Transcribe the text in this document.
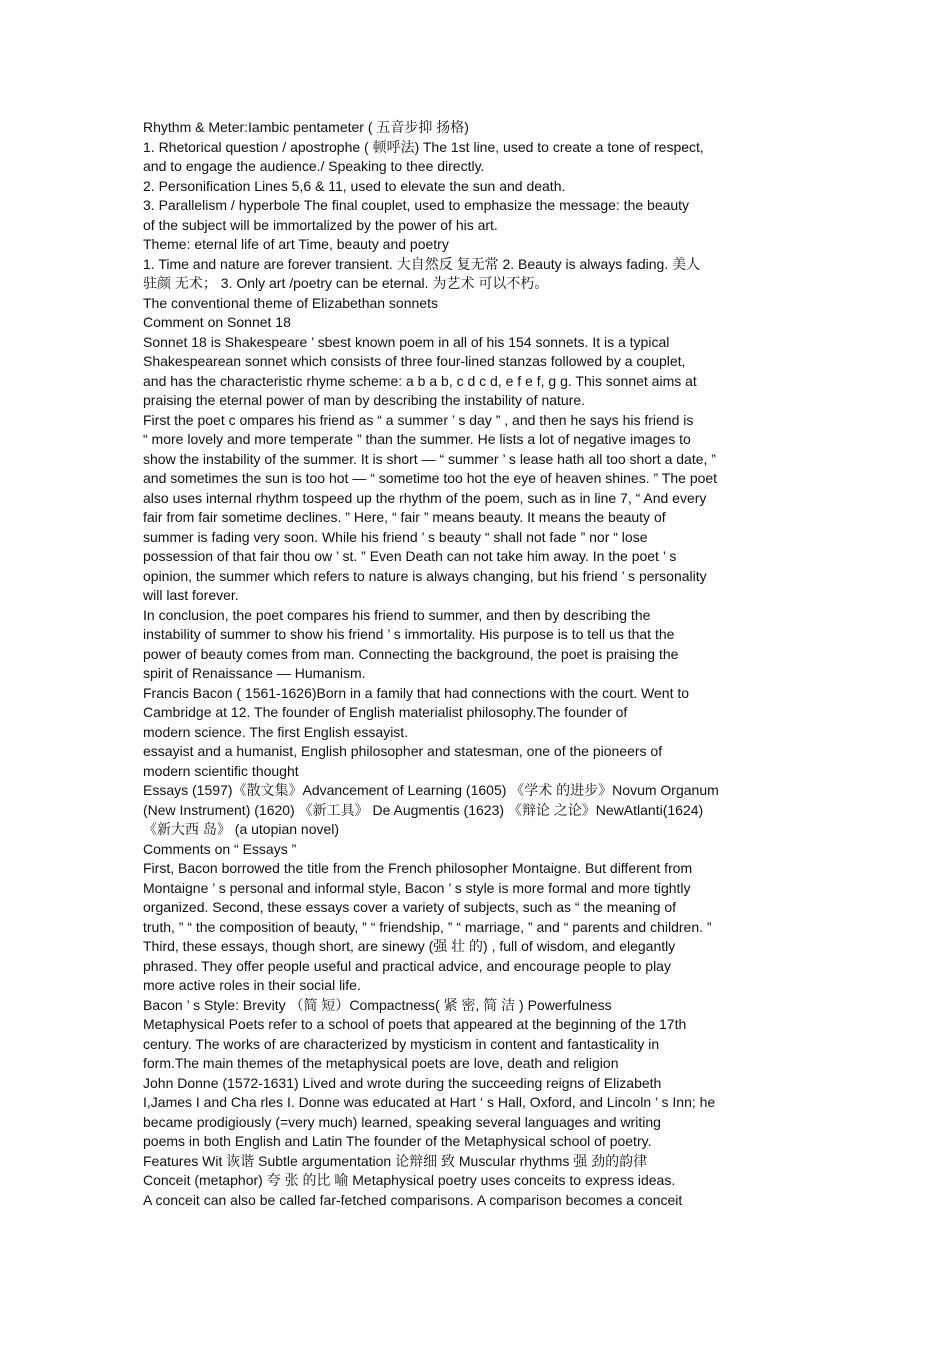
Rhythm & Meter:Iambic pentameter ( 五音步抑 扬格)
1. Rhetorical question / apostrophe ( 顿呼法) The 1st line, used to create a tone of respect,
and to engage the audience./ Speaking to thee directly.
2. Personification Lines 5,6 & 11, used to elevate the sun and death.
3. Parallelism / hyperbole The final couplet, used to emphasize the message: the beauty
of the subject will be immortalized by the power of his art.
Theme: eternal life of art Time, beauty and poetry
1. Time and nature are forever transient. 大自然反 复无常 2. Beauty is always fading. 美人
驻颜 无术； 3. Only art /poetry can be eternal. 为艺术 可以不朽。
The conventional theme of Elizabethan sonnets
Comment on Sonnet 18
Sonnet 18 is Shakespeare ’ sbest known poem in all of his 154 sonnets. It is a typical
Shakespearean sonnet which consists of three four-lined stanzas followed by a couplet,
and has the characteristic rhyme scheme: a b a b, c d c d, e f e f, g g. This sonnet aims at
praising the eternal power of man by describing the instability of nature.
First the poet c ompares his friend as “ a summer ’ s day ” , and then he says his friend is
“ more lovely and more temperate ” than the summer. He lists a lot of negative images to
show the instability of the summer. It is short — “ summer ’ s lease hath all too short a date, ”
and sometimes the sun is too hot — “ sometime too hot the eye of heaven shines. ” The poet
also uses internal rhythm tospeed up the rhythm of the poem, such as in line 7, “ And every
fair from fair sometime declines. ” Here, “ fair ” means beauty. It means the beauty of
summer is fading very soon. While his friend ’ s beauty “ shall not fade ” nor “ lose
possession of that fair thou ow ’ st. ” Even Death can not take him away. In the poet ’ s
opinion, the summer which refers to nature is always changing, but his friend ’ s personality
will last forever.
In conclusion, the poet compares his friend to summer, and then by describing the
instability of summer to show his friend ’ s immortality. His purpose is to tell us that the
power of beauty comes from man. Connecting the background, the poet is praising the
spirit of Renaissance — Humanism.
Francis Bacon ( 1561-1626)Born in a family that had connections with the court. Went to
Cambridge at 12. The founder of English materialist philosophy.The founder of
modern science. The first English essayist.
essayist and a humanist, English philosopher and statesman, one of the pioneers of
modern scientific thought
Essays (1597)《散文集》Advancement of Learning (1605) 《学术 的进步》Novum Organum
(New Instrument) (1620) 《新工具》 De Augmentis (1623) 《辩论 之论》NewAtlanti(1624)
《新大西 岛》 (a utopian novel)
Comments on “ Essays ”
First, Bacon borrowed the title from the French philosopher Montaigne. But different from
Montaigne ’ s personal and informal style, Bacon ’ s style is more formal and more tightly
organized. Second, these essays cover a variety of subjects, such as “ the meaning of
truth, ” “ the composition of beauty, ” “ friendship, ” “ marriage, ” and “ parents and children. ”
Third, these essays, though short, are sinewy (强 壮 的) , full of wisdom, and elegantly
phrased. They offer people useful and practical advice, and encourage people to play
more active roles in their social life.
Bacon ’ s Style: Brevity （简 短）Compactness( 紧 密, 简 洁 ) Powerfulness
Metaphysical Poets refer to a school of poets that appeared at the beginning of the 17th
century. The works of are characterized by mysticism in content and fantasticality in
form.The main themes of the metaphysical poets are love, death and religion
John Donne (1572-1631) Lived and wrote during the succeeding reigns of Elizabeth
I,James I and Cha rles I. Donne was educated at Hart ‘ s Hall, Oxford, and Lincoln ’ s Inn; he
became prodigiously (=very much) learned, speaking several languages and writing
poems in both English and Latin The founder of the Metaphysical school of poetry.
Features Wit 诙谐 Subtle argumentation 论辩细 致 Muscular rhythms 强 劲的韵律
Conceit (metaphor) 夸 张 的比 喻 Metaphysical poetry uses conceits to express ideas.
A conceit can also be called far-fetched comparisons. A comparison becomes a conceit
